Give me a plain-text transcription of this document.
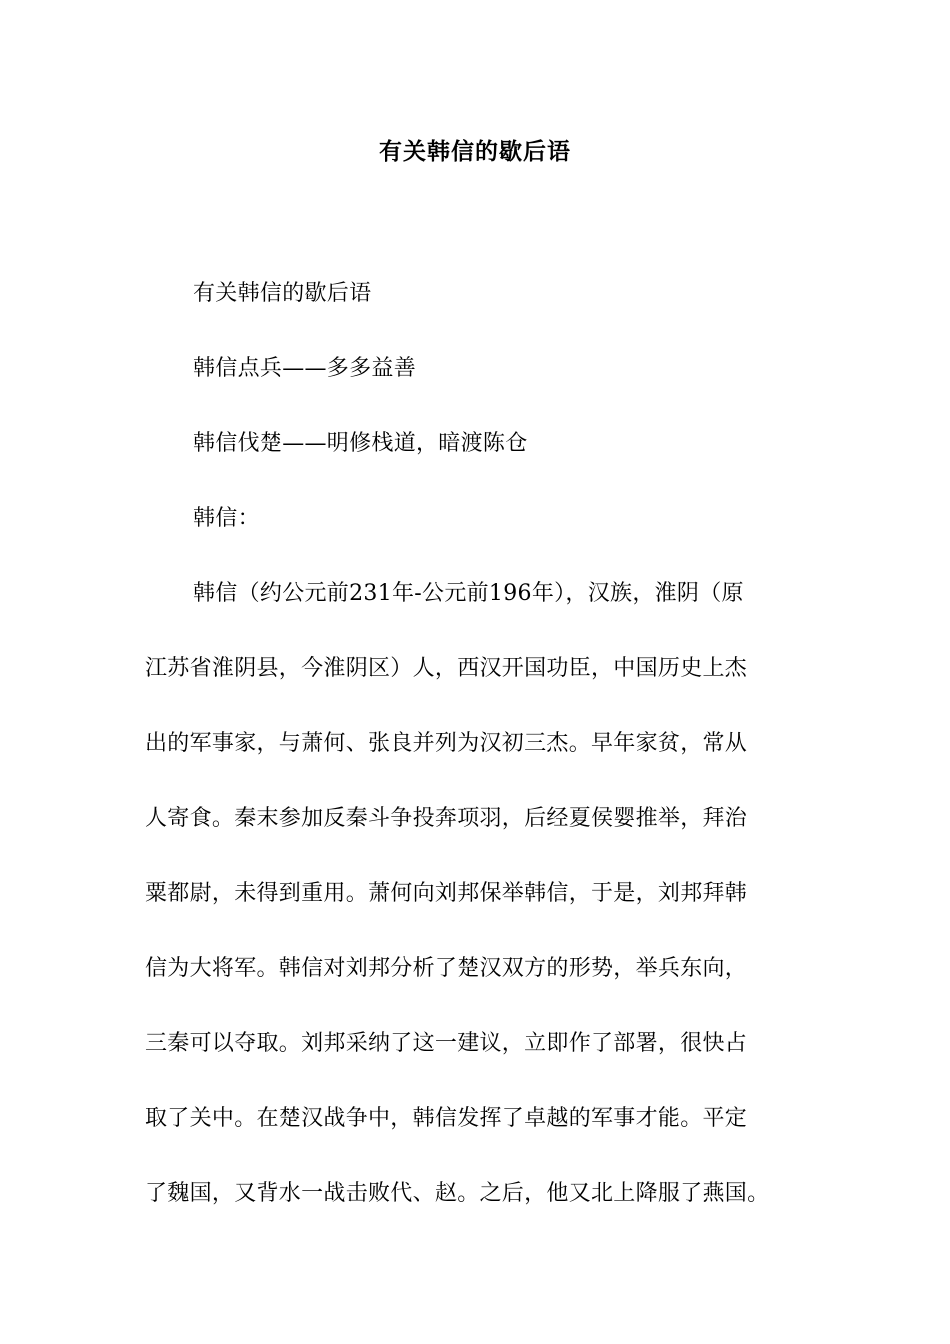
有关韩信的歇后语

有关韩信的歇后语

韩信点兵——多多益善

韩信伐楚——明修栈道，暗渡陈仓

韩信：

韩信（约公元前231年-公元前196年），汉族，淮阴（原

江苏省淮阴县，今淮阴区）人，西汉开国功臣，中国历史上杰

出的军事家，与萧何、张良并列为汉初三杰。早年家贫，常从

人寄食。秦末参加反秦斗争投奔项羽，后经夏侯婴推举，拜治

粟都尉，未得到重用。萧何向刘邦保举韩信，于是，刘邦拜韩

信为大将军。韩信对刘邦分析了楚汉双方的形势，举兵东向，

三秦可以夺取。刘邦采纳了这一建议，立即作了部署，很快占

取了关中。在楚汉战争中，韩信发挥了卓越的军事才能。平定

了魏国，又背水一战击败代、赵。之后，他又北上降服了燕国。
